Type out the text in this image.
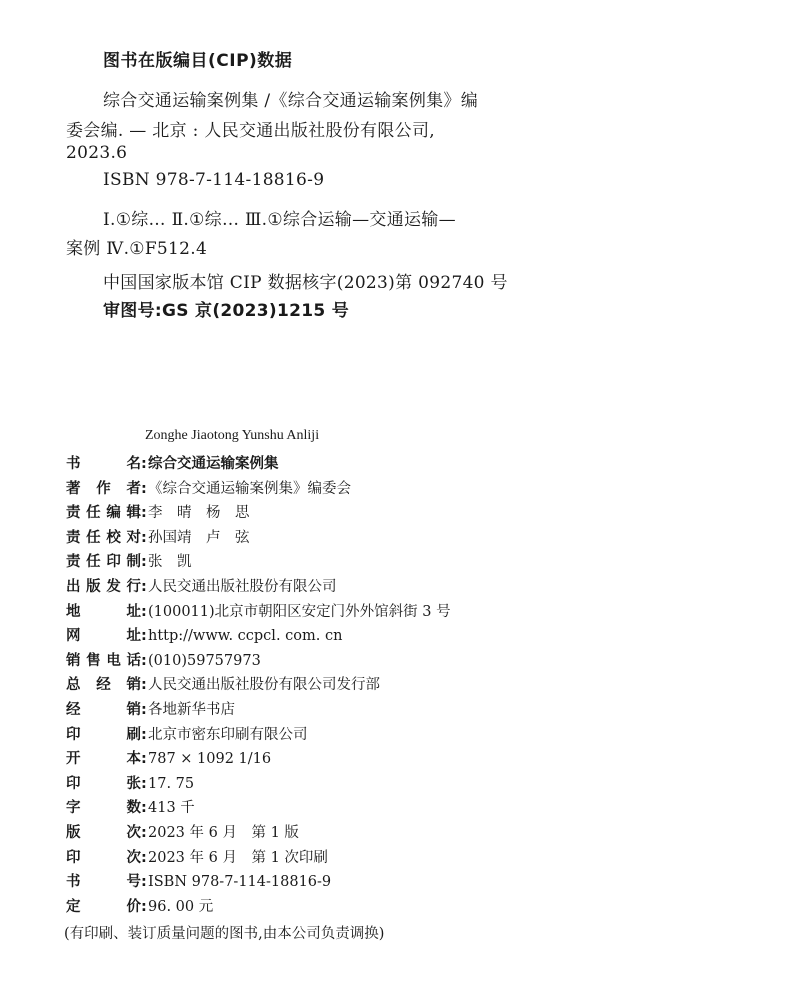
图书在版编目(CIP)数据
综合交通运输案例集 /《综合交通运输案例集》编
委会编. — 北京 : 人民交通出版社股份有限公司,
2023.6
ISBN 978-7-114-18816-9
Ⅰ.①综… Ⅱ.①综… Ⅲ.①综合运输—交通运输—
案例 Ⅳ.①F512.4
中国国家版本馆 CIP 数据核字(2023)第 092740 号
审图号:GS 京(2023)1215 号
Zonghe Jiaotong Yunshu Anliji
书	名 : 综合交通运输案例集
著 作 者 : 《综合交通运输案例集》编委会
责 任 编 辑 : 李　晴　杨　思
责 任 校 对 : 孙国靖　卢　弦
责 任 印 制 : 张　凯
出 版 发 行 : 人民交通出版社股份有限公司
地	址 : (100011)北京市朝阳区安定门外外馆斜街 3 号
网	址 : http://www. ccpcl. com. cn
销 售 电 话 : (010)59757973
总 经 销 : 人民交通出版社股份有限公司发行部
经	销 : 各地新华书店
印	刷 : 北京市密东印刷有限公司
开	本 : 787 × 1092 1/16
印	张 : 17. 75
字	数 : 413 千
版	次 : 2023 年 6 月　第 1 版
印	次 : 2023 年 6 月　第 1 次印刷
书	号 : ISBN 978-7-114-18816-9
定	价 : 96. 00 元
(有印刷、装订质量问题的图书,由本公司负责调换)
